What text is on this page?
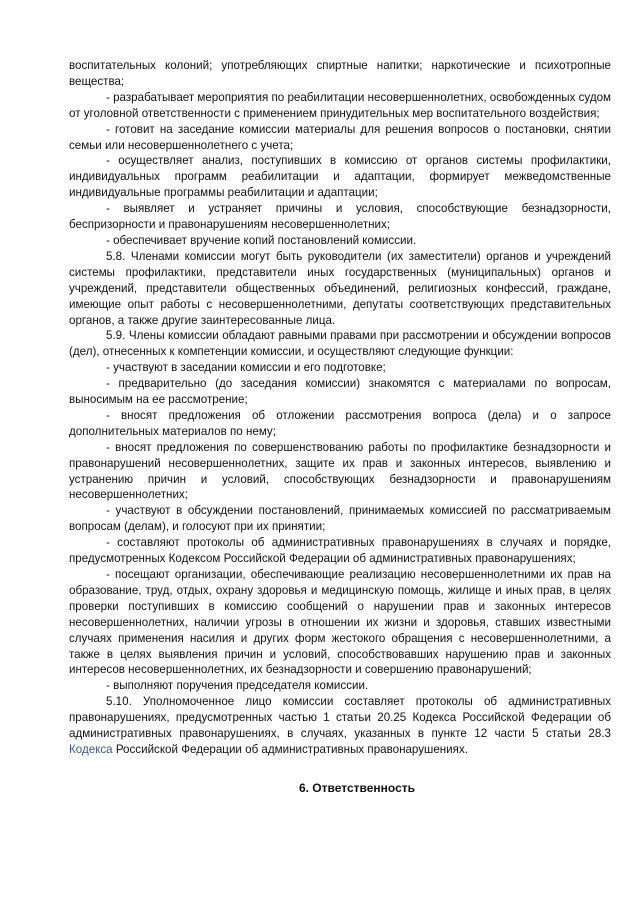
воспитательных колоний; употребляющих спиртные напитки; наркотические и психотропные вещества;

- разрабатывает мероприятия по реабилитации несовершеннолетних, освобожденных судом от уголовной ответственности с применением принудительных мер воспитательного воздействия;

- готовит на заседание комиссии материалы для решения вопросов о постановки, снятии семьи или несовершеннолетнего с учета;

- осуществляет анализ, поступивших в комиссию от органов системы профилактики, индивидуальных программ реабилитации и адаптации, формирует межведомственные индивидуальные программы реабилитации и адаптации;

- выявляет и устраняет причины и условия, способствующие безнадзорности, беспризорности и правонарушениям несовершеннолетних;

- обеспечивает вручение копий постановлений комиссии.

5.8. Членами комиссии могут быть руководители (их заместители) органов и учреждений системы профилактики, представители иных государственных (муниципальных) органов и учреждений, представители общественных объединений, религиозных конфессий, граждане, имеющие опыт работы с несовершеннолетними, депутаты соответствующих представительных органов, а также другие заинтересованные лица.

5.9. Члены комиссии обладают равными правами при рассмотрении и обсуждении вопросов (дел), отнесенных к компетенции комиссии, и осуществляют следующие функции:

- участвуют в заседании комиссии и его подготовке;

- предварительно (до заседания комиссии) знакомятся с материалами по вопросам, выносимым на ее рассмотрение;

- вносят предложения об отложении рассмотрения вопроса (дела) и о запросе дополнительных материалов по нему;

- вносят предложения по совершенствованию работы по профилактике безнадзорности и правонарушений несовершеннолетних, защите их прав и законных интересов, выявлению и устранению причин и условий, способствующих безнадзорности и правонарушениям несовершеннолетних;

- участвуют в обсуждении постановлений, принимаемых комиссией по рассматриваемым вопросам (делам), и голосуют при их принятии;

- составляют протоколы об административных правонарушениях в случаях и порядке, предусмотренных Кодексом Российской Федерации об административных правонарушениях;

- посещают организации, обеспечивающие реализацию несовершеннолетними их прав на образование, труд, отдых, охрану здоровья и медицинскую помощь, жилище и иных прав, в целях проверки поступивших в комиссию сообщений о нарушении прав и законных интересов несовершеннолетних, наличии угрозы в отношении их жизни и здоровья, ставших известными случаях применения насилия и других форм жестокого обращения с несовершеннолетними, а также в целях выявления причин и условий, способствовавших нарушению прав и законных интересов несовершеннолетних, их безнадзорности и совершению правонарушений;

- выполняют поручения председателя комиссии.

5.10. Уполномоченное лицо комиссии составляет протоколы об административных правонарушениях, предусмотренных частью 1 статьи 20.25 Кодекса Российской Федерации об административных правонарушениях, в случаях, указанных в пункте 12 части 5 статьи 28.3 Кодекса Российской Федерации об административных правонарушениях.

6. Ответственность
